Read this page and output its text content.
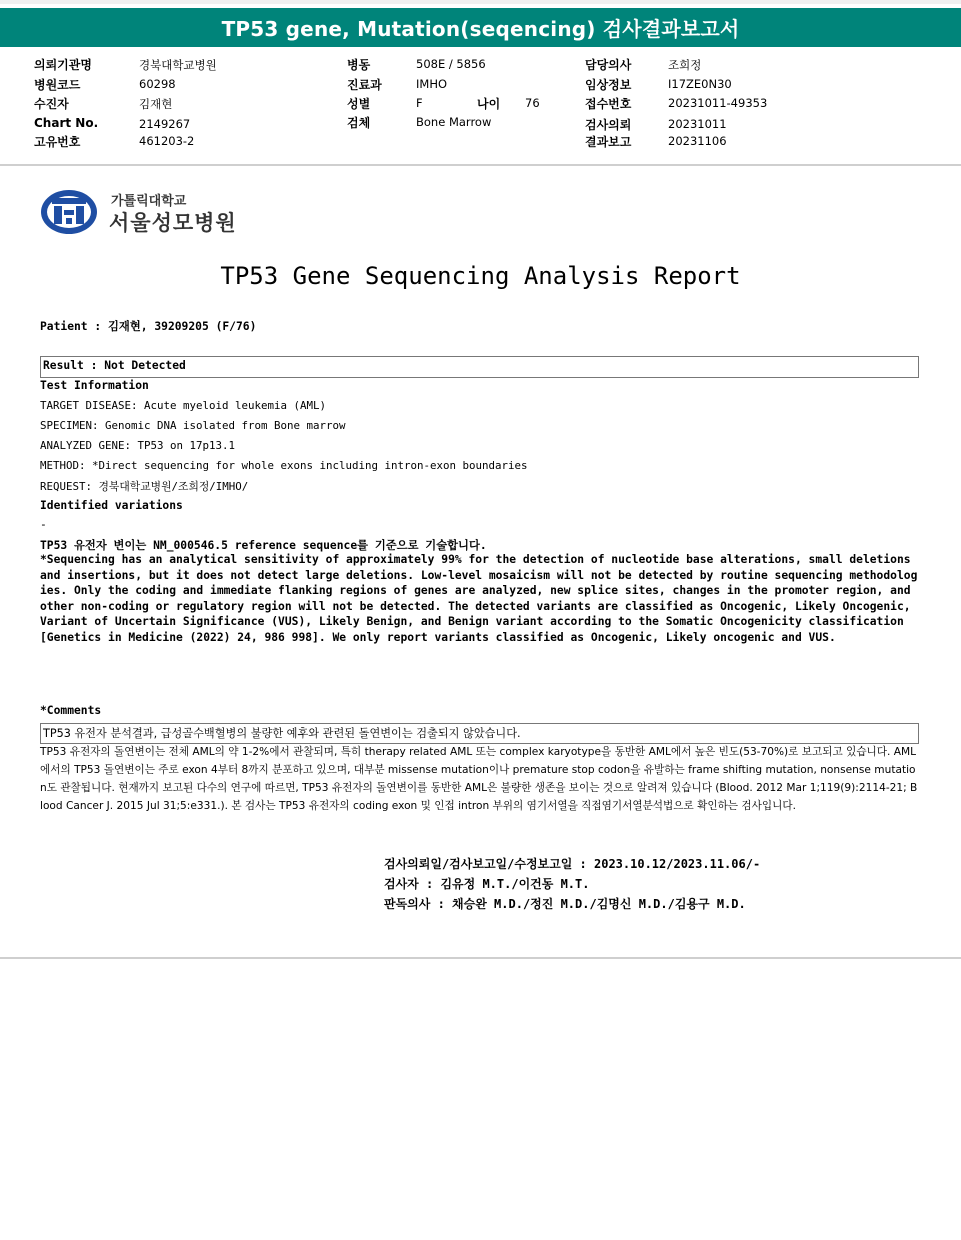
TP53 gene, Mutation(seqencing) 검사결과보고서
의뢰기관명	경북대학교병원
병원코드	60298
수진자	김재현
Chart No.	2149267
고유번호	461203-2
병동	508E / 5856
진료과	IMHO
성별	F	나이 76
검체	Bone Marrow
담당의사	조희정
임상정보	I17ZE0N30
접수번호	20231011-49353
검사의뢰	20231011
결과보고	20231106
가톨릭대학교
서울성모병원
TP53 Gene Sequencing Analysis Report
Patient : 김재현, 39209205 (F/76)
Result : Not Detected
Test Information
TARGET DISEASE: Acute myeloid leukemia (AML)
SPECIMEN: Genomic DNA isolated from Bone marrow
ANALYZED GENE: TP53 on 17p13.1
METHOD: *Direct sequencing for whole exons including intron-exon boundaries
REQUEST: 경북대학교병원/조희정/IMHO/
Identified variations
-
TP53 유전자 변이는 NM_000546.5 reference sequence를 기준으로 기술합니다.
*Sequencing has an analytical sensitivity of approximately 99% for the detection of nucleotide base alterations, small deletions and insertions, but it does not detect large deletions. Low-level mosaicism will not be detected by routine sequencing methodologies. Only the coding and immediate flanking regions of genes are analyzed, new splice sites, changes in the promoter region, and other non-coding or regulatory region will not be detected. The detected variants are classified as Oncogenic, Likely Oncogenic, Variant of Uncertain Significance (VUS), Likely Benign, and Benign variant according to the Somatic Oncogenicity classification [Genetics in Medicine (2022) 24, 986 998]. We only report variants classified as Oncogenic, Likely oncogenic and VUS.
*Comments
TP53 유전자 분석결과, 급성골수백혈병의 불량한 예후와 관련된 돌연변이는 검출되지 않았습니다.
TP53 유전자의 돌연변이는 전체 AML의 약 1-2%에서 관찰되며, 특히 therapy related AML 또는 complex karyotype을 동반한 AML에서 높은 빈도(53-70%)로 보고되고 있습니다. AML에서의 TP53 돌연변이는 주로 exon 4부터 8까지 분포하고 있으며, 대부분 missense mutation이나 premature stop codon을 유발하는 frame shifting mutation, nonsense mutation도 관찰됩니다. 현재까지 보고된 다수의 연구에 따르면, TP53 유전자의 돌연변이를 동반한 AML은 불량한 생존을 보이는 것으로 알려져 있습니다 (Blood. 2012 Mar 1;119(9):2114-21; Blood Cancer J. 2015 Jul 31;5:e331.). 본 검사는 TP53 유전자의 coding exon 및 인접 intron 부위의 염기서열을 직접염기서열분석법으로 확인하는 검사입니다.
검사의뢰일/검사보고일/수정보고일 : 2023.10.12/2023.11.06/-
검사자 : 김유정 M.T./이건동 M.T.
판독의사 : 채승완 M.D./정진 M.D./김명신 M.D./김용구 M.D.
